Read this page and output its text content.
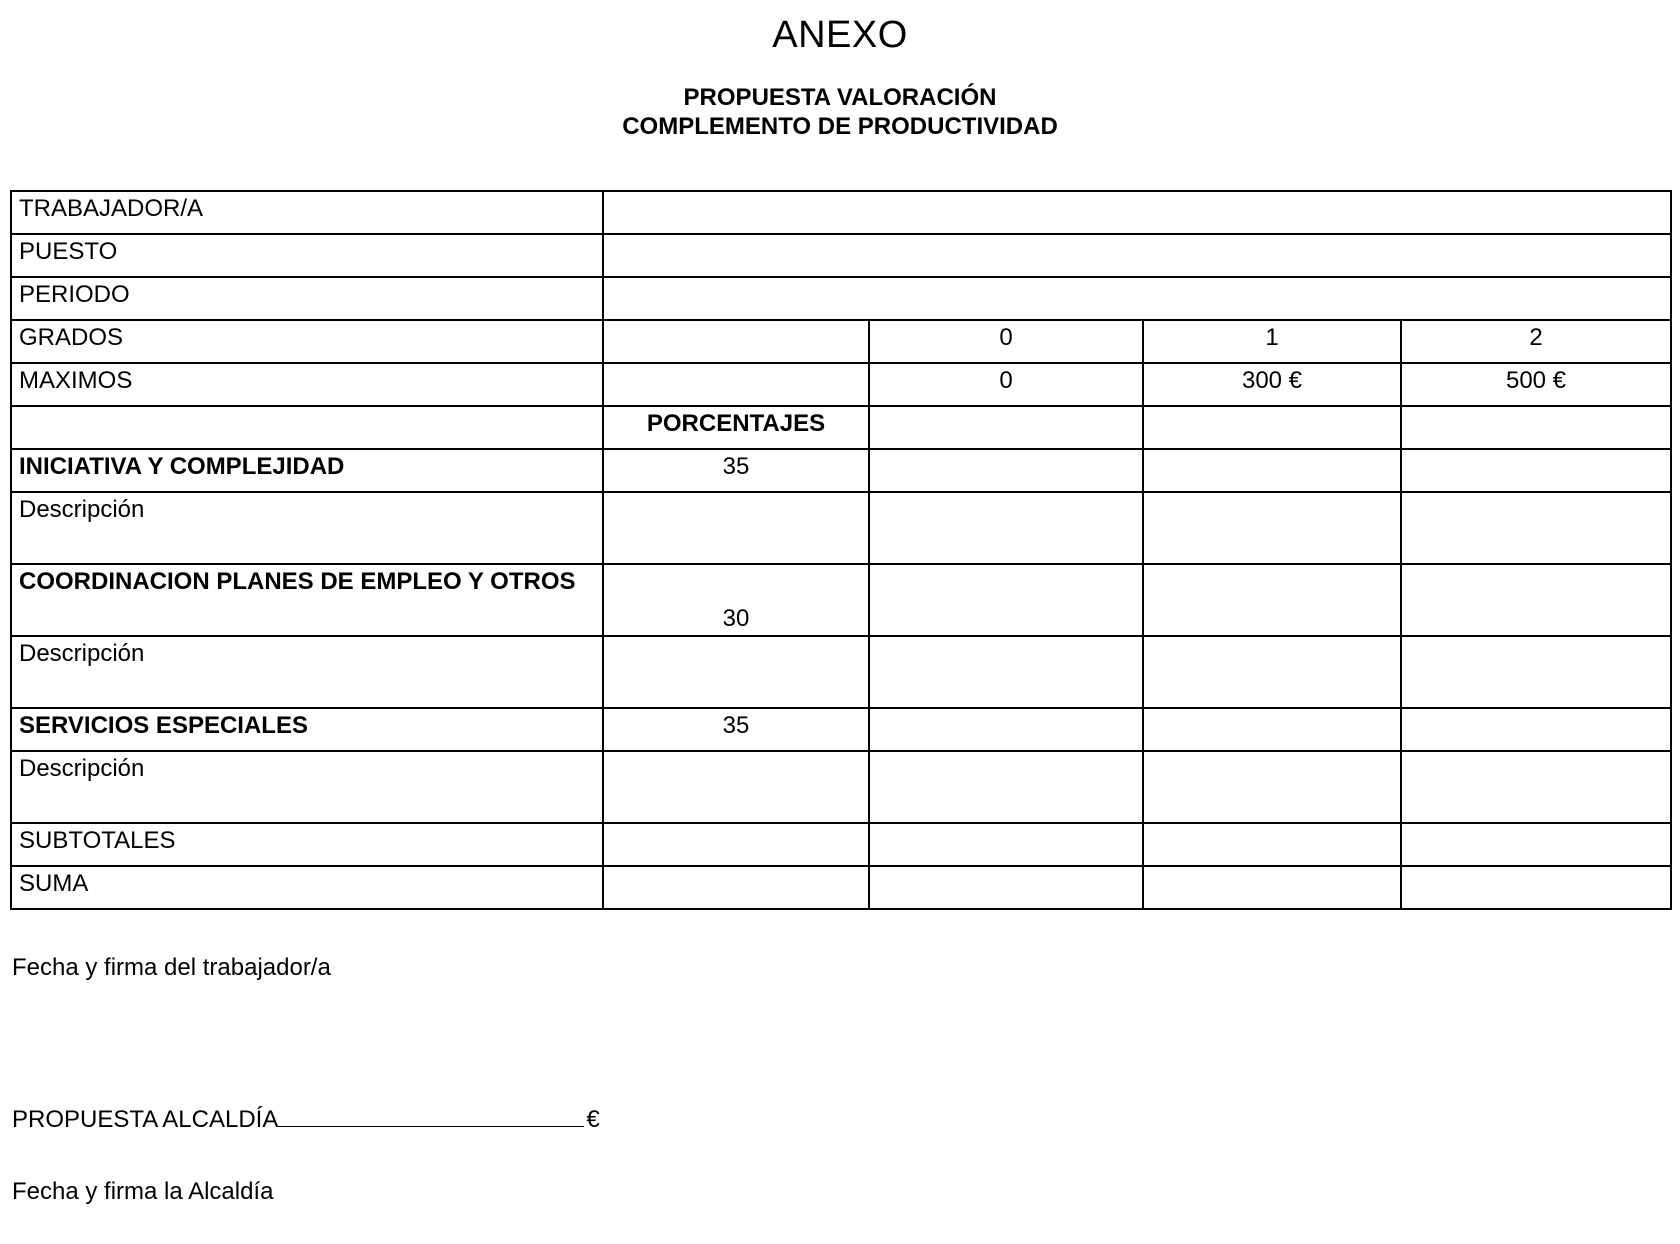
ANEXO
PROPUESTA VALORACIÓN
COMPLEMENTO DE PRODUCTIVIDAD
TRABAJADOR/A				
PUESTO				
PERIODO				
GRADOS		0	1	2
MAXIMOS		0	300 €	500 €
	PORCENTAJES			
INICIATIVA Y COMPLEJIDAD	35			
Descripción				
COORDINACION PLANES DE EMPLEO Y OTROS	30			
Descripción				
SERVICIOS ESPECIALES	35			
Descripción				
SUBTOTALES				
SUMA				
Fecha y firma del trabajador/a
PROPUESTA ALCALDÍA	€
Fecha y firma la Alcaldía
